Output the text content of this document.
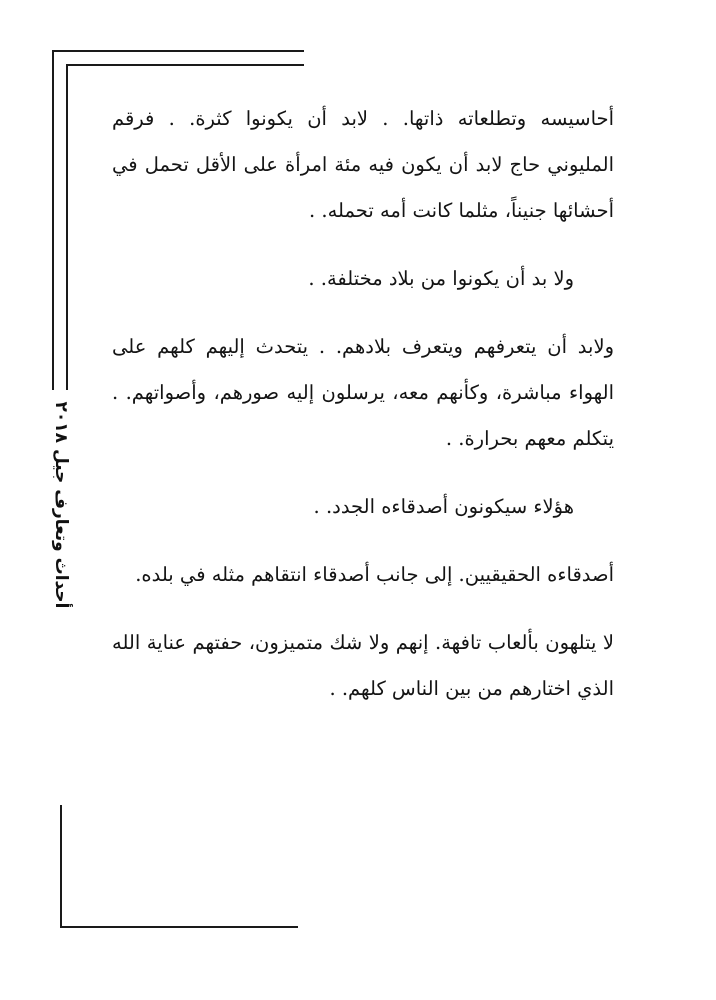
أحداث وتعارف جيل ٢٠١٨

أحاسيسه وتطلعاته ذاتها. . لابد أن يكونوا كثرة. . فرقم المليوني حاج لابد أن يكون فيه مئة امرأة على الأقل تحمل في أحشائها جنيناً، مثلما كانت أمه تحمله. .

ولا بد أن يكونوا من بلاد مختلفة. .

ولابد أن يتعرفهم ويتعرف بلادهم. . يتحدث إليهم كلهم على الهواء مباشرة، وكأنهم معه، يرسلون إليه صورهم، وأصواتهم. . يتكلم معهم بحرارة. .

هؤلاء سيكونون أصدقاءه الجدد. .

أصدقاءه الحقيقيين. إلى جانب أصدقاء انتقاهم مثله في بلده.

لا يتلهون بألعاب تافهة. إنهم ولا شك متميزون، حفتهم عناية الله الذي اختارهم من بين الناس كلهم. .
